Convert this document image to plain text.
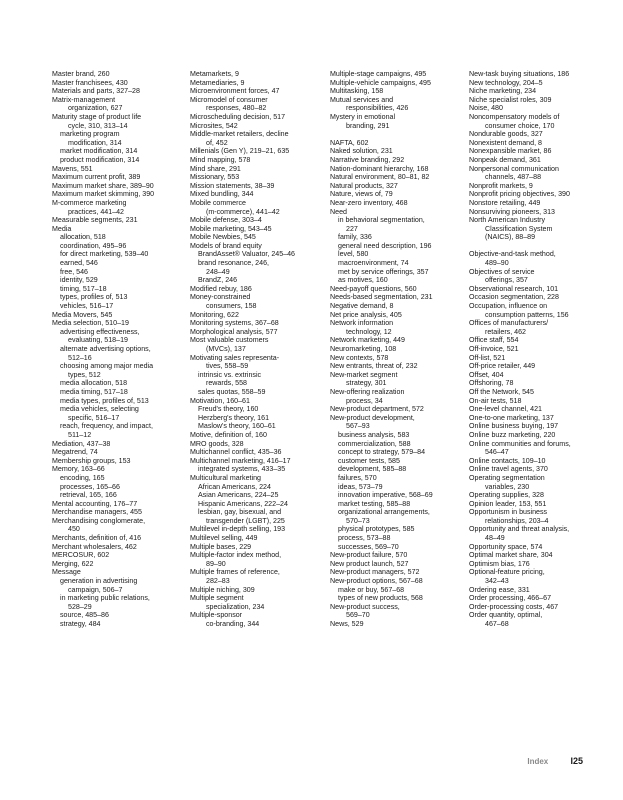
Master brand, 260
Master franchisees, 430
Materials and parts, 327–28
Matrix-management
organization, 627
Maturity stage of product life
cycle, 310, 313–14
marketing program
modification, 314
market modification, 314
product modification, 314
Mavens, 551
Maximum current profit, 389
Maximum market share, 389–90
Maximum market skimming, 390
M-commerce marketing
practices, 441–42
Measurable segments, 231
Media
allocation, 518
coordination, 495–96
for direct marketing, 539–40
earned, 546
free, 546
identity, 529
timing, 517–18
types, profiles of, 513
vehicles, 516–17
Media Movers, 545
Media selection, 510–19
advertising effectiveness,
evaluating, 518–19
alternate advertising options,
512–16
choosing among major media
types, 512
media allocation, 518
media timing, 517–18
media types, profiles of, 513
media vehicles, selecting
specific, 516–17
reach, frequency, and impact,
511–12
Mediation, 437–38
Megatrend, 74
Membership groups, 153
Memory, 163–66
encoding, 165
processes, 165–66
retrieval, 165, 166
Mental accounting, 176–77
Merchandise managers, 455
Merchandising conglomerate,
450
Merchants, definition of, 416
Merchant wholesalers, 462
MERCOSUR, 602
Merging, 622
Message
generation in advertising
campaign, 506–7
in marketing public relations,
528–29
source, 485–86
strategy, 484
Metamarkets, 9
Metamediaries, 9
Microenvironment forces, 47
Micromodel of consumer
responses, 480–82
Microscheduling decision, 517
Microsites, 542
Middle-market retailers, decline
of, 452
Millenials (Gen Y), 219–21, 635
Mind mapping, 578
Mind share, 291
Missionary, 553
Mission statements, 38–39
Mixed bundling, 344
Mobile commerce
(m-commerce), 441–42
Mobile defense, 303–4
Mobile marketing, 543–45
Mobile Newbies, 545
Models of brand equity
BrandAsset® Valuator, 245–46
brand resonance, 246,
248–49
BrandZ, 246
Modified rebuy, 186
Money-constrained
consumers, 158
Monitoring, 622
Monitoring systems, 367–68
Morphological analysis, 577
Most valuable customers
(MVCs), 137
Motivating sales representa-
tives, 558–59
intrinsic vs. extrinsic
rewards, 558
sales quotas, 558–59
Motivation, 160–61
Freud's theory, 160
Herzberg's theory, 161
Maslow's theory, 160–61
Motive, definition of, 160
MRO goods, 328
Multichannel conflict, 435–36
Multichannel marketing, 416–17
integrated systems, 433–35
Multicultural marketing
African Americans, 224
Asian Americans, 224–25
Hispanic Americans, 222–24
lesbian, gay, bisexual, and
transgender (LGBT), 225
Multilevel in-depth selling, 193
Multilevel selling, 449
Multiple bases, 229
Multiple-factor index method,
89–90
Multiple frames of reference,
282–83
Multiple niching, 309
Multiple segment
specialization, 234
Multiple-sponsor
co-branding, 344
Multiple-stage campaigns, 495
Multiple-vehicle campaigns, 495
Multitasking, 158
Mutual services and
responsibilities, 426
Mystery in emotional
branding, 291
NAFTA, 602
Naked solution, 231
Narrative branding, 292
Nation-dominant hierarchy, 168
Natural environment, 80–81, 82
Natural products, 327
Nature, views of, 79
Near-zero inventory, 468
Need
in behavioral segmentation,
227
family, 336
general need description, 196
level, 580
macroenvironment, 74
met by service offerings, 357
as motives, 160
Need-payoff questions, 560
Needs-based segmentation, 231
Negative demand, 8
Net price analysis, 405
Network information
technology, 12
Network marketing, 449
Neuromarketing, 108
New contexts, 578
New entrants, threat of, 232
New-market segment
strategy, 301
New-offering realization
process, 34
New-product department, 572
New-product development,
567–93
business analysis, 583
commercialization, 588
concept to strategy, 579–84
customer tests, 585
development, 585–88
failures, 570
ideas, 573–79
innovation imperative, 568–69
market testing, 585–88
organizational arrangements,
570–73
physical prototypes, 585
process, 573–88
successes, 569–70
New-product failure, 570
New product launch, 527
New-product managers, 572
New-product options, 567–68
make or buy, 567–68
types of new products, 568
New-product success,
569–70
News, 529
New-task buying situations, 186
New technology, 204–5
Niche marketing, 234
Niche specialist roles, 309
Noise, 480
Noncompensatory models of
consumer choice, 170
Nondurable goods, 327
Nonexistent demand, 8
Nonexpansible market, 86
Nonpeak demand, 361
Nonpersonal communication
channels, 487–88
Nonprofit markets, 9
Nonprofit pricing objectives, 390
Nonstore retailing, 449
Nonsurviving pioneers, 313
North American Industry
Classification System
(NAICS), 88–89
Objective-and-task method,
489–90
Objectives of service
offerings, 357
Observational research, 101
Occasion segmentation, 228
Occupation, influence on
consumption patterns, 156
Offices of manufacturers/
retailers, 462
Office staff, 554
Off-invoice, 521
Off-list, 521
Off-price retailer, 449
Offset, 404
Offshoring, 78
Off the Network, 545
On-air tests, 518
One-level channel, 421
One-to-one marketing, 137
Online business buying, 197
Online buzz marketing, 220
Online communities and forums,
546–47
Online contacts, 109–10
Online travel agents, 370
Operating segmentation
variables, 230
Operating supplies, 328
Opinion leader, 153, 551
Opportunism in business
relationships, 203–4
Opportunity and threat analysis,
48–49
Opportunity space, 574
Optimal market share, 304
Optimism bias, 176
Optional-feature pricing,
342–43
Ordering ease, 331
Order processing, 466–67
Order-processing costs, 467
Order quantity, optimal,
467–68
Index I25
